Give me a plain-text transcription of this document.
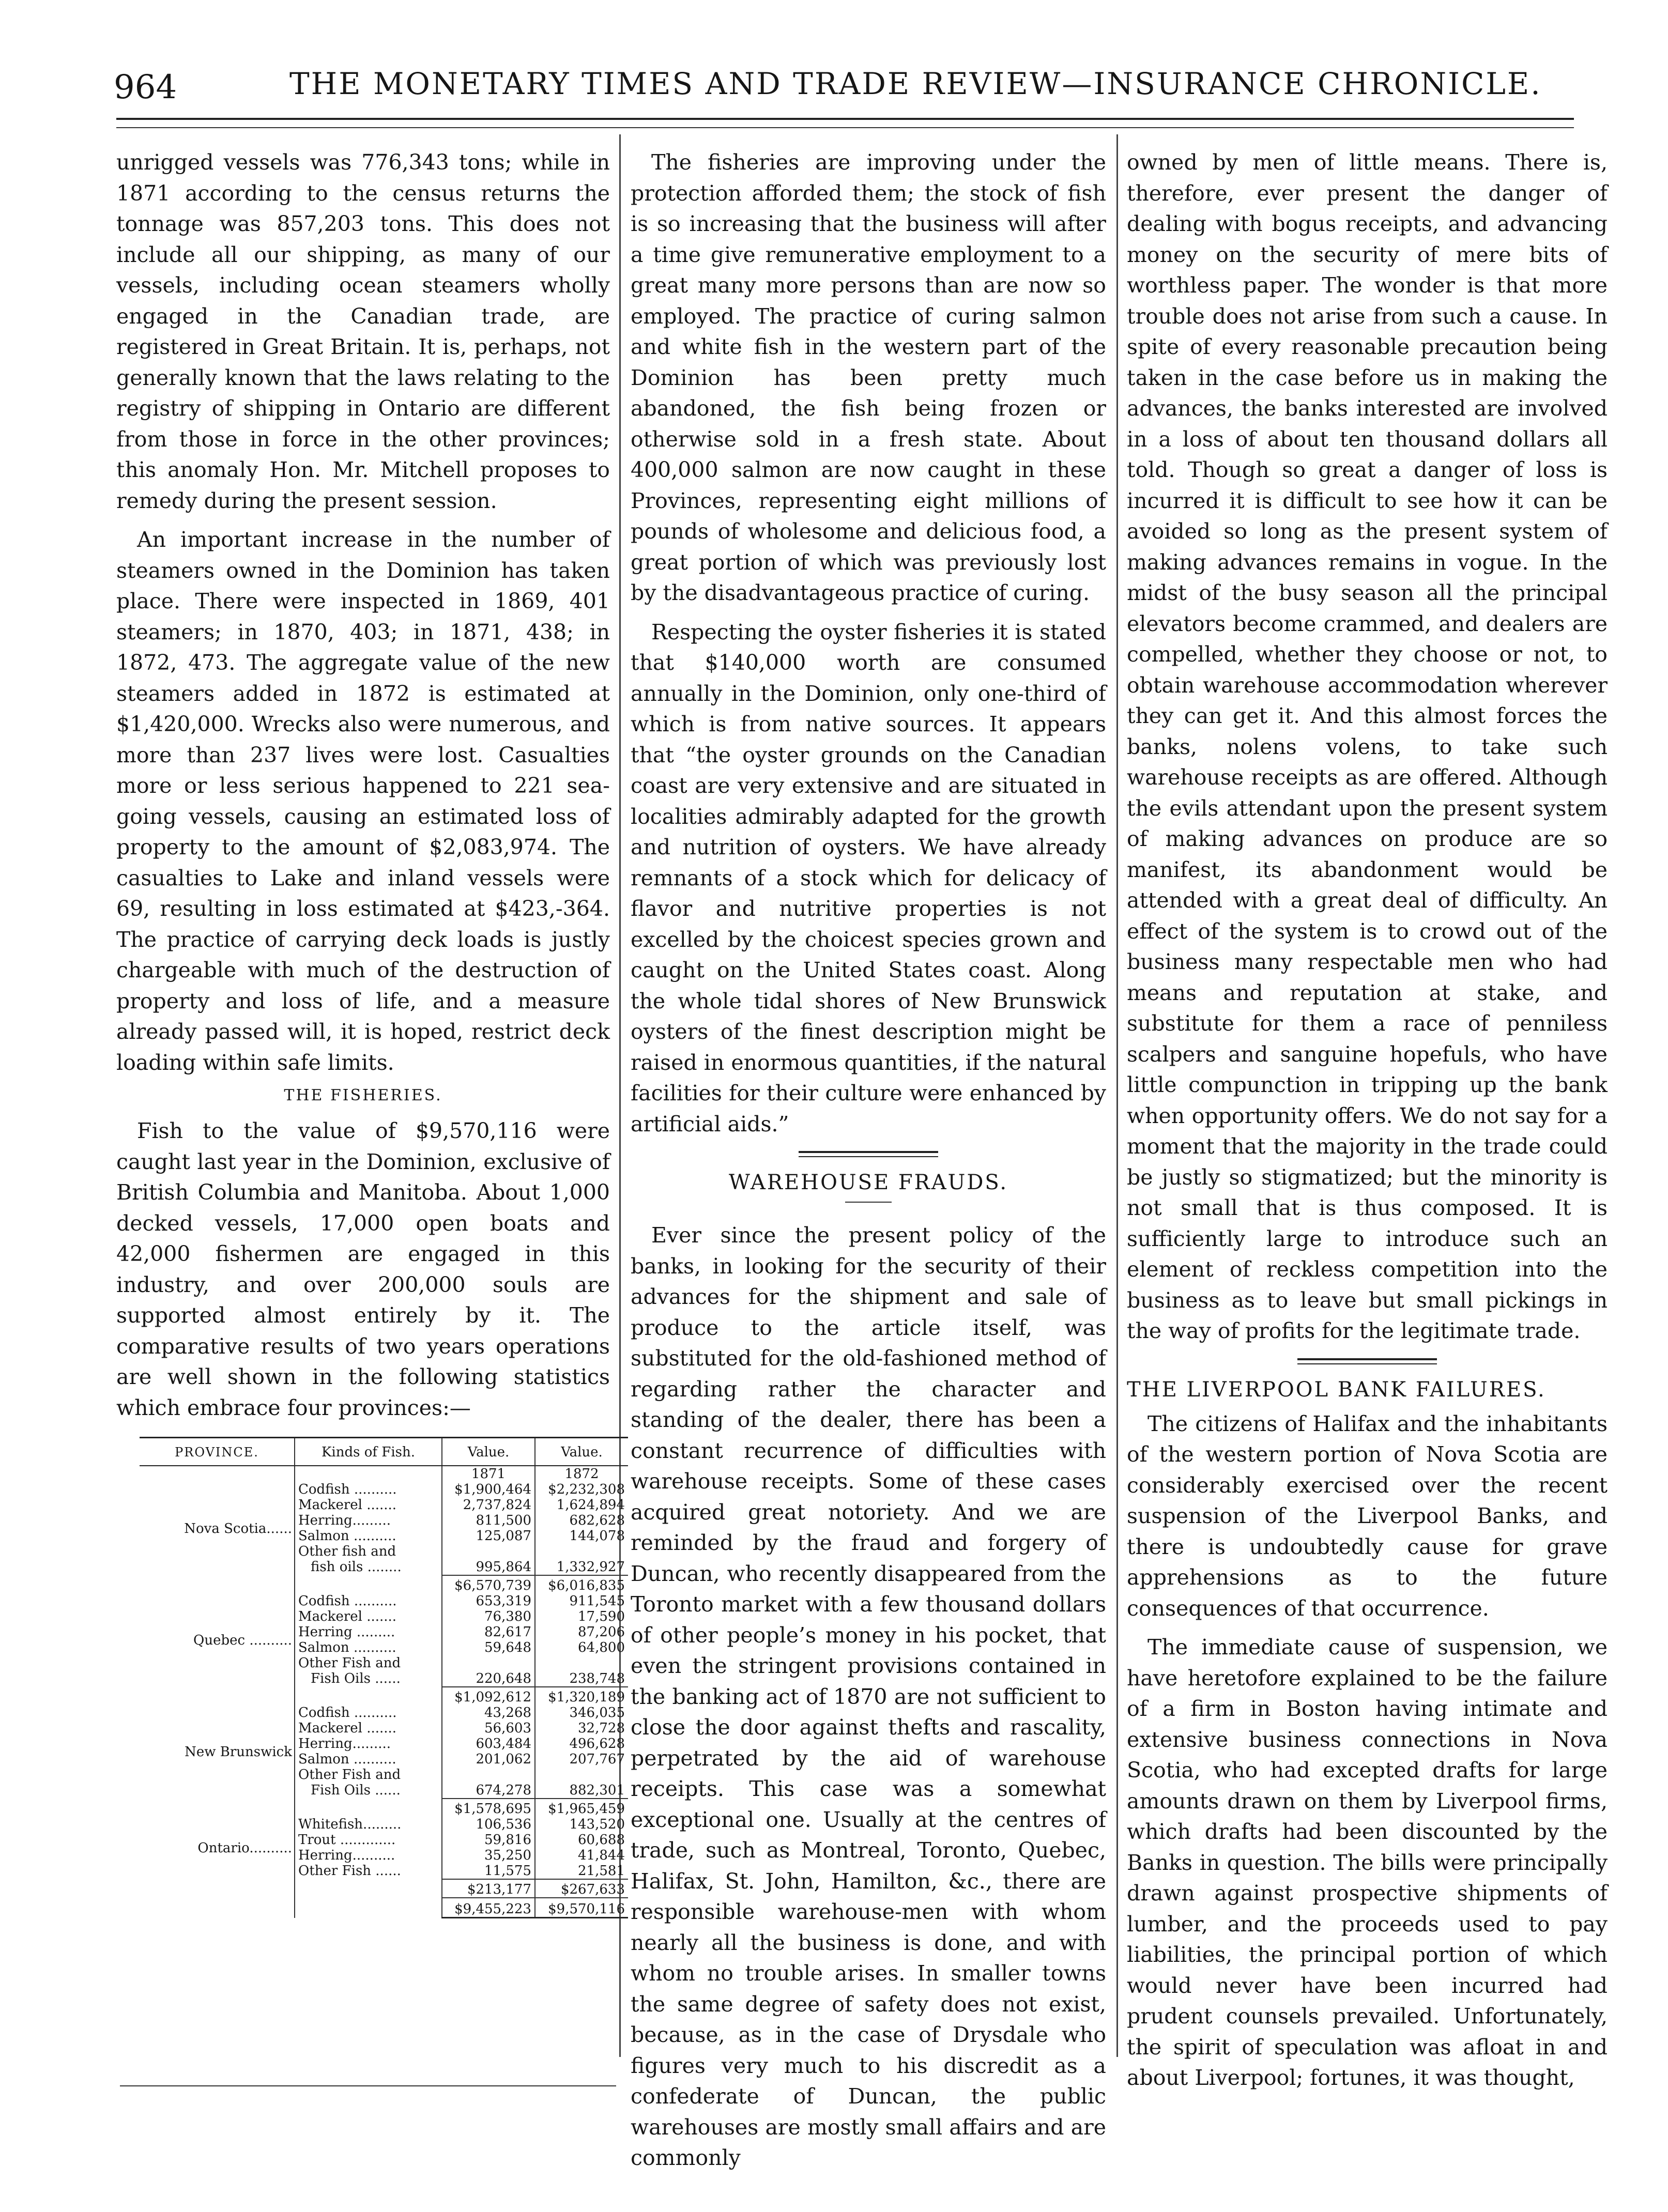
964	THE MONETARY TIMES AND TRADE REVIEW—INSURANCE CHRONICLE.

unrigged vessels was 776,343 tons; while in 1871 according to the census returns the tonnage was 857,203 tons. This does not include all our shipping, as many of our vessels, including ocean steamers wholly engaged in the Canadian trade, are registered in Great Britain. It is, perhaps, not generally known that the laws relating to the registry of shipping in Ontario are different from those in force in the other provinces; this anomaly Hon. Mr. Mitchell proposes to remedy during the present session.

An important increase in the number of steamers owned in the Dominion has taken place. There were inspected in 1869, 401 steamers; in 1870, 403; in 1871, 438; in 1872, 473. The aggregate value of the new steamers added in 1872 is estimated at $1,420,000. Wrecks also were numerous, and more than 237 lives were lost. Casualties more or less serious happened to 221 sea-going vessels, causing an estimated loss of property to the amount of $2,083,974. The casualties to Lake and inland vessels were 69, resulting in loss estimated at $423,-364. The practice of carrying deck loads is justly chargeable with much of the destruction of property and loss of life, and a measure already passed will, it is hoped, restrict deck loading within safe limits.

THE FISHERIES.

Fish to the value of $9,570,116 were caught last year in the Dominion, exclusive of British Columbia and Manitoba. About 1,000 decked vessels, 17,000 open boats and 42,000 fishermen are engaged in this industry, and over 200,000 souls are supported almost entirely by it. The comparative results of two years operations are well shown in the following statistics which embrace four provinces:—

PROVINCE.	Kinds of Fish.	Value.	Value.
		1871	1872
Nova Scotia......	Codfish ..........	$1,900,464	$2,232,308
	Mackerel .......	2,737,824	1,624,894
	Herring.........	811,500	682,628
	Salmon ..........	125,087	144,078
	Other fish and		
	fish oils ........	995,864	1,332,927
		$6,570,739	$6,016,835
Quebec ..........	Codfish ..........	653,319	911,545
	Mackerel .......	76,380	17,590
	Herring .........	82,617	87,206
	Salmon ..........	59,648	64,800
	Other Fish and		
	Fish Oils ......	220,648	238,748
		$1,092,612	$1,320,189
New Brunswick	Codfish ..........	43,268	346,035
	Mackerel .......	56,603	32,728
	Herring.........	603,484	496,628
	Salmon ..........	201,062	207,767
	Other Fish and		
	Fish Oils ......	674,278	882,301
		$1,578,695	$1,965,459
Ontario..........	Whitefish.........	106,536	143,520
	Trout .............	59,816	60,688
	Herring..........	35,250	41,844
	Other Fish ......	11,575	21,581
		$213,177	$267,633
		$9,455,223	$9,570,116

The fisheries are improving under the protection afforded them; the stock of fish is so increasing that the business will after a time give remunerative employment to a great many more persons than are now so employed. The practice of curing salmon and white fish in the western part of the Dominion has been pretty much abandoned, the fish being frozen or otherwise sold in a fresh state. About 400,000 salmon are now caught in these Provinces, representing eight millions of pounds of wholesome and delicious food, a great portion of which was previously lost by the disadvantageous practice of curing.

Respecting the oyster fisheries it is stated that $140,000 worth are consumed annually in the Dominion, only one-third of which is from native sources. It appears that “the oyster grounds on the Canadian coast are very extensive and are situated in localities admirably adapted for the growth and nutrition of oysters. We have already remnants of a stock which for delicacy of flavor and nutritive properties is not excelled by the choicest species grown and caught on the United States coast. Along the whole tidal shores of New Brunswick oysters of the finest description might be raised in enormous quantities, if the natural facilities for their culture were enhanced by artificial aids.”

WAREHOUSE FRAUDS.

Ever since the present policy of the banks, in looking for the security of their advances for the shipment and sale of produce to the article itself, was substituted for the old-fashioned method of regarding rather the character and standing of the dealer, there has been a constant recurrence of difficulties with warehouse receipts. Some of these cases acquired great notoriety. And we are reminded by the fraud and forgery of Duncan, who recently disappeared from the Toronto market with a few thousand dollars of other people’s money in his pocket, that even the stringent provisions contained in the banking act of 1870 are not sufficient to close the door against thefts and rascality, perpetrated by the aid of warehouse receipts. This case was a somewhat exceptional one. Usually at the centres of trade, such as Montreal, Toronto, Quebec, Halifax, St. John, Hamilton, &c., there are responsible warehouse-men with whom nearly all the business is done, and with whom no trouble arises. In smaller towns the same degree of safety does not exist, because, as in the case of Drysdale who figures very much to his discredit as a confederate of Duncan, the public warehouses are mostly small affairs and are commonly

owned by men of little means. There is, therefore, ever present the danger of dealing with bogus receipts, and advancing money on the security of mere bits of worthless paper. The wonder is that more trouble does not arise from such a cause. In spite of every reasonable precaution being taken in the case before us in making the advances, the banks interested are involved in a loss of about ten thousand dollars all told. Though so great a danger of loss is incurred it is difficult to see how it can be avoided so long as the present system of making advances remains in vogue. In the midst of the busy season all the principal elevators become crammed, and dealers are compelled, whether they choose or not, to obtain warehouse accommodation wherever they can get it. And this almost forces the banks, nolens volens, to take such warehouse receipts as are offered. Although the evils attendant upon the present system of making advances on produce are so manifest, its abandonment would be attended with a great deal of difficulty. An effect of the system is to crowd out of the business many respectable men who had means and reputation at stake, and substitute for them a race of penniless scalpers and sanguine hopefuls, who have little compunction in tripping up the bank when opportunity offers. We do not say for a moment that the majority in the trade could be justly so stigmatized; but the minority is not small that is thus composed. It is sufficiently large to introduce such an element of reckless competition into the business as to leave but small pickings in the way of profits for the legitimate trade.

THE LIVERPOOL BANK FAILURES.

The citizens of Halifax and the inhabitants of the western portion of Nova Scotia are considerably exercised over the recent suspension of the Liverpool Banks, and there is undoubtedly cause for grave apprehensions as to the future consequences of that occurrence.

The immediate cause of suspension, we have heretofore explained to be the failure of a firm in Boston having intimate and extensive business connections in Nova Scotia, who had excepted drafts for large amounts drawn on them by Liverpool firms, which drafts had been discounted by the Banks in question. The bills were principally drawn against prospective shipments of lumber, and the proceeds used to pay liabilities, the principal portion of which would never have been incurred had prudent counsels prevailed. Unfortunately, the spirit of speculation was afloat in and about Liverpool; fortunes, it was thought,
